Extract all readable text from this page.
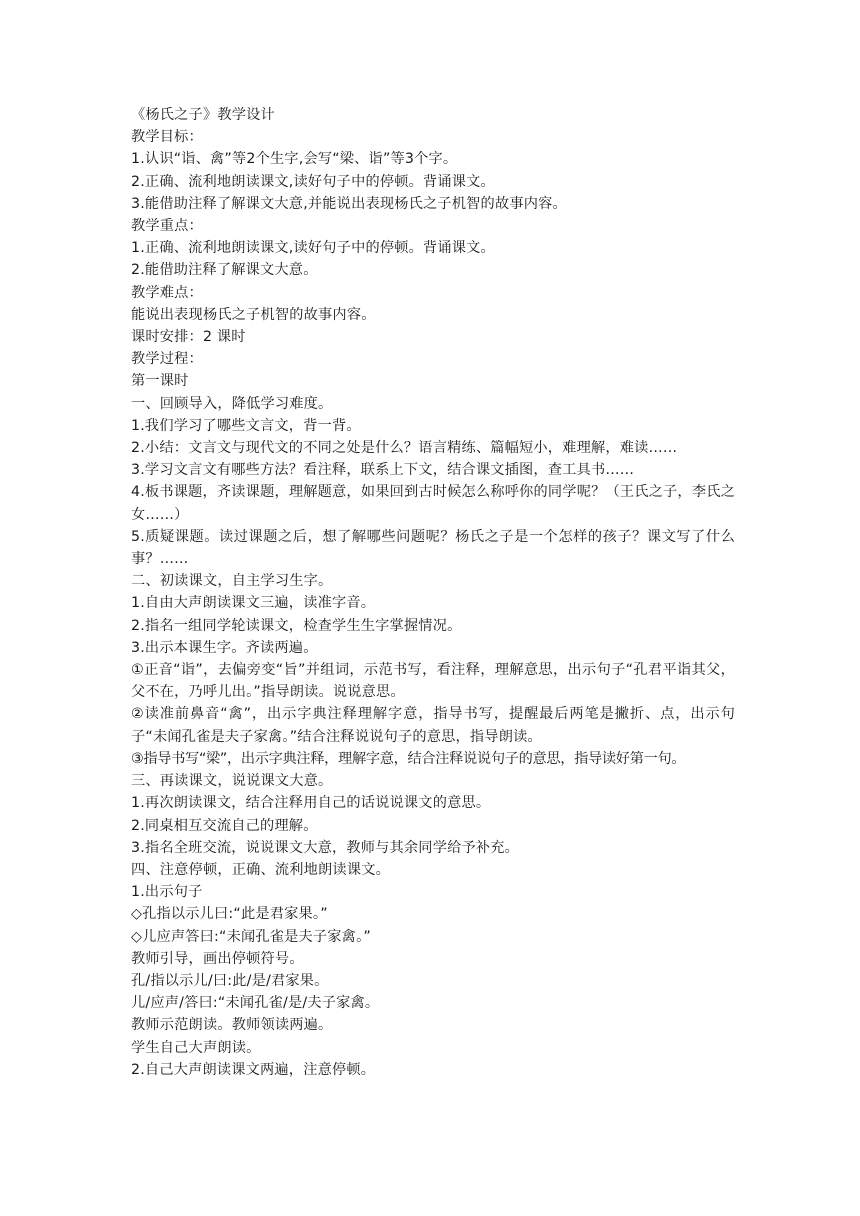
《杨氏之子》教学设计
教学目标：
1.认识“诣、禽”等2个生字,会写“梁、诣”等3个字。
2.正确、流利地朗读课文,读好句子中的停顿。背诵课文。
3.能借助注释了解课文大意,并能说出表现杨氏之子机智的故事内容。
教学重点：
1.正确、流利地朗读课文,读好句子中的停顿。背诵课文。
2.能借助注释了解课文大意。
教学难点：
能说出表现杨氏之子机智的故事内容。
课时安排：2 课时
教学过程：
第一课时
一、回顾导入，降低学习难度。
1.我们学习了哪些文言文，背一背。
2.小结：文言文与现代文的不同之处是什么？语言精练、篇幅短小，难理解，难读……
3.学习文言文有哪些方法？看注释，联系上下文，结合课文插图，查工具书……
4.板书课题，齐读课题，理解题意，如果回到古时候怎么称呼你的同学呢？（王氏之子，李氏之女……）
5.质疑课题。读过课题之后，想了解哪些问题呢？杨氏之子是一个怎样的孩子？课文写了什么事？……
二、初读课文，自主学习生字。
1.自由大声朗读课文三遍，读准字音。
2.指名一组同学轮读课文，检查学生生字掌握情况。
3.出示本课生字。齐读两遍。
①正音“诣”，去偏旁变“旨”并组词，示范书写，看注释，理解意思，出示句子“孔君平诣其父，父不在，乃呼儿出。”指导朗读。说说意思。
②读准前鼻音“禽”，出示字典注释理解字意，指导书写，提醒最后两笔是撇折、点，出示句子“未闻孔雀是夫子家禽。”结合注释说说句子的意思，指导朗读。
③指导书写“梁”，出示字典注释，理解字意，结合注释说说句子的意思，指导读好第一句。
三、再读课文，说说课文大意。
1.再次朗读课文，结合注释用自己的话说说课文的意思。
2.同桌相互交流自己的理解。
3.指名全班交流，说说课文大意，教师与其余同学给予补充。
四、注意停顿，正确、流利地朗读课文。
1.出示句子
◇孔指以示儿曰:“此是君家果。”
◇儿应声答曰:“未闻孔雀是夫子家禽。”
教师引导，画出停顿符号。
孔/指以示儿/曰:此/是/君家果。
儿/应声/答曰:“未闻孔雀/是/夫子家禽。
教师示范朗读。教师领读两遍。
学生自己大声朗读。
2.自己大声朗读课文两遍，注意停顿。
